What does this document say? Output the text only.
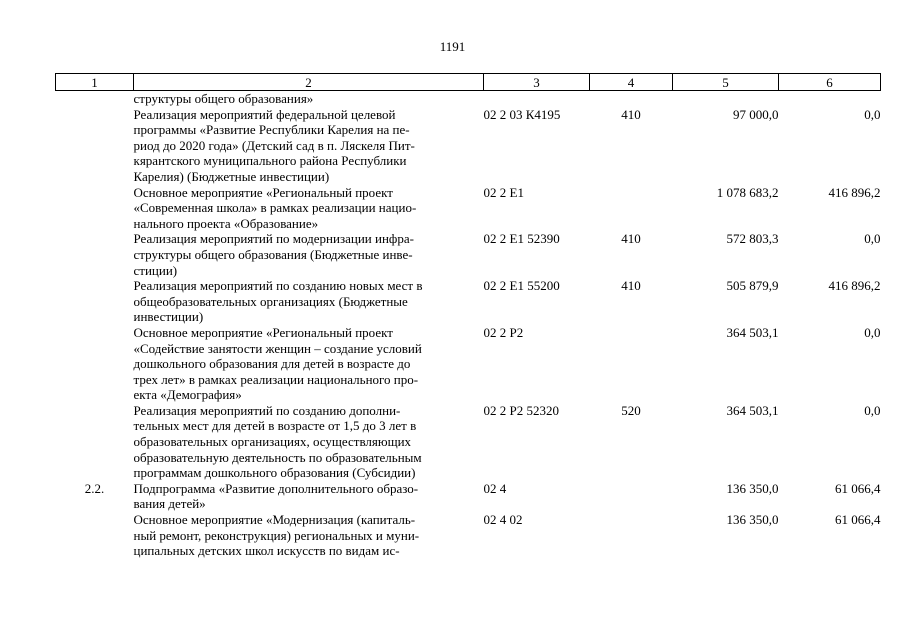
1191
1	2	3	4	5	6

	структуры общего образования»				

	Реализация мероприятий федеральной целевой
программы «Развитие Республики Карелия на пе-
риод до 2020 года» (Детский сад в п. Ляскеля Пит-
кярантского муниципального района Республики
Карелия) (Бюджетные инвестиции)	02 2 03 К4195	410	97 000,0	0,0

	Основное мероприятие «Региональный проект
«Современная школа» в рамках реализации нацио-
нального проекта «Образование»	02 2 E1		1 078 683,2	416 896,2

	Реализация мероприятий по модернизации инфра-
структуры общего образования (Бюджетные инве-
стиции)	02 2 E1 52390	410	572 803,3	0,0

	Реализация мероприятий по созданию новых мест в
общеобразовательных организациях (Бюджетные
инвестиции)	02 2 E1 55200	410	505 879,9	416 896,2

	Основное мероприятие «Региональный проект
«Содействие занятости женщин – создание условий
дошкольного образования для детей в возрасте до
трех лет» в рамках реализации национального про-
екта «Демография»	02 2 P2		364 503,1	0,0

	Реализация мероприятий по созданию дополни-
тельных мест для детей в возрасте от 1,5 до 3 лет в
образовательных организациях, осуществляющих
образовательную деятельность по образовательным
программам дошкольного образования (Субсидии)	02 2 P2 52320	520	364 503,1	0,0
2.2.	Подпрограмма «Развитие дополнительного образо-
вания детей»	02 4		136 350,0	61 066,4

	Основное мероприятие «Модернизация (капиталь-
ный ремонт, реконструкция) региональных и муни-
ципальных детских школ искусств по видам ис-	02 4 02		136 350,0	61 066,4
